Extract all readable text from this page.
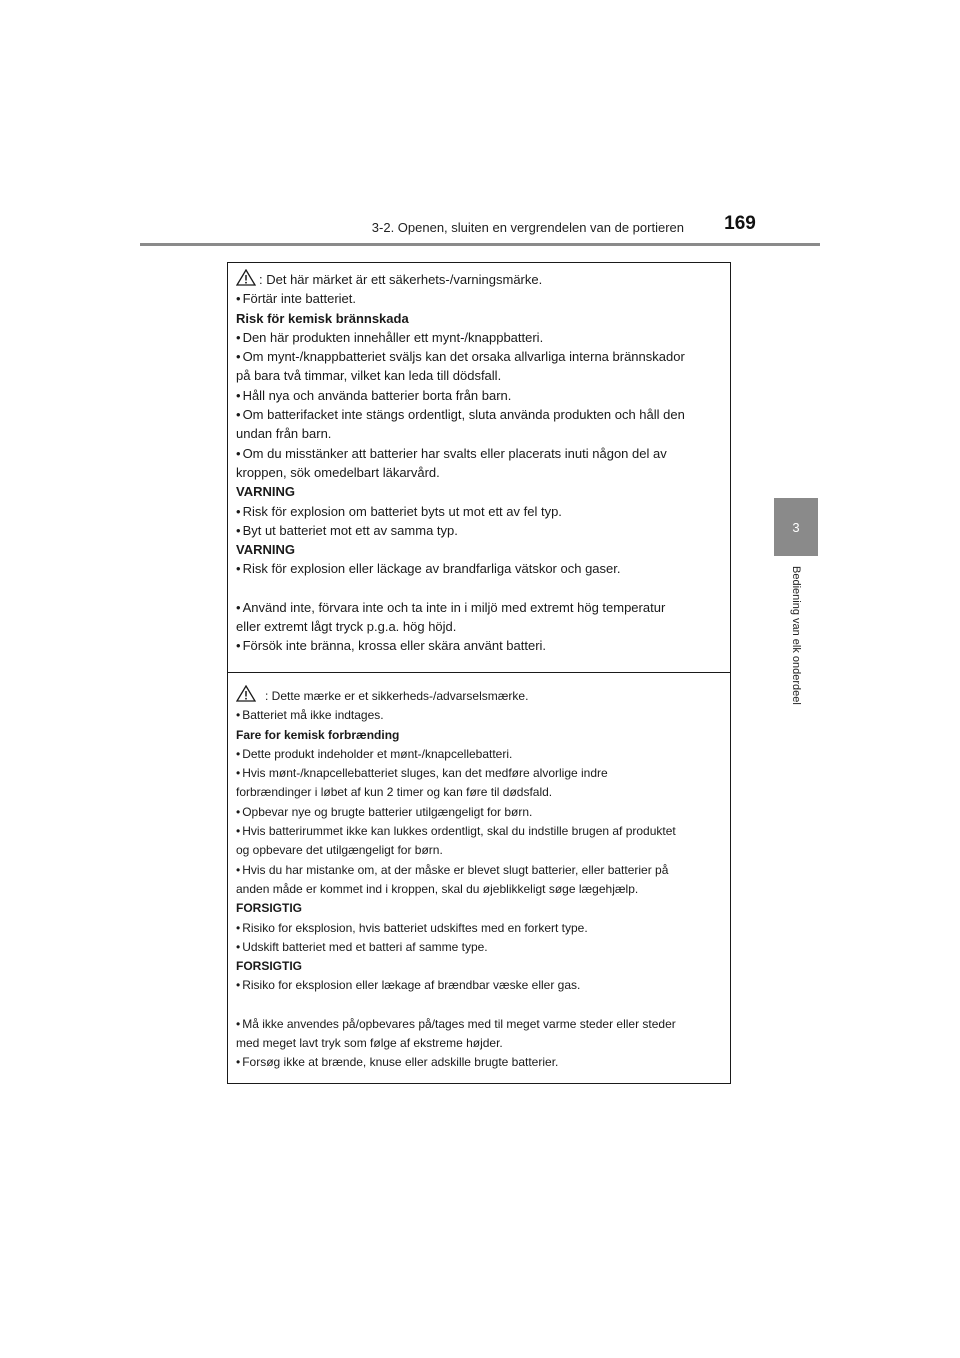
3-2. Openen, sluiten en vergrendelen van de portieren	169
3
Bediening van elk onderdeel
: Det här märket är ett säkerhets-/varningsmärke.
• Förtär inte batteriet.
Risk för kemisk brännskada
• Den här produkten innehåller ett mynt-/knappbatteri.
• Om mynt-/knappbatteriet sväljs kan det orsaka allvarliga interna brännskador
på bara två timmar, vilket kan leda till dödsfall.
• Håll nya och använda batterier borta från barn.
• Om batterifacket inte stängs ordentligt, sluta använda produkten och håll den
undan från barn.
• Om du misstänker att batterier har svalts eller placerats inuti någon del av
kroppen, sök omedelbart läkarvård.
VARNING
• Risk för explosion om batteriet byts ut mot ett av fel typ.
• Byt ut batteriet mot ett av samma typ.
VARNING
• Risk för explosion eller läckage av brandfarliga vätskor och gaser.
• Använd inte, förvara inte och ta inte in i miljö med extremt hög temperatur
eller extremt lågt tryck p.g.a. hög höjd.
• Försök inte bränna, krossa eller skära använt batteri.
: Dette mærke er et sikkerheds-/advarselsmærke.
• Batteriet må ikke indtages.
Fare for kemisk forbrænding
• Dette produkt indeholder et mønt-/knapcellebatteri.
• Hvis mønt-/knapcellebatteriet sluges, kan det medføre alvorlige indre
forbrændinger i løbet af kun 2 timer og kan føre til dødsfald.
• Opbevar nye og brugte batterier utilgængeligt for børn.
• Hvis batterirummet ikke kan lukkes ordentligt, skal du indstille brugen af produktet
og opbevare det utilgængeligt for børn.
• Hvis du har mistanke om, at der måske er blevet slugt batterier, eller batterier på
anden måde er kommet ind i kroppen, skal du øjeblikkeligt søge lægehjælp.
FORSIGTIG
• Risiko for eksplosion, hvis batteriet udskiftes med en forkert type.
• Udskift batteriet med et batteri af samme type.
FORSIGTIG
• Risiko for eksplosion eller lækage af brændbar væske eller gas.
• Må ikke anvendes på/opbevares på/tages med til meget varme steder eller steder
med meget lavt tryk som følge af ekstreme højder.
• Forsøg ikke at brænde, knuse eller adskille brugte batterier.
